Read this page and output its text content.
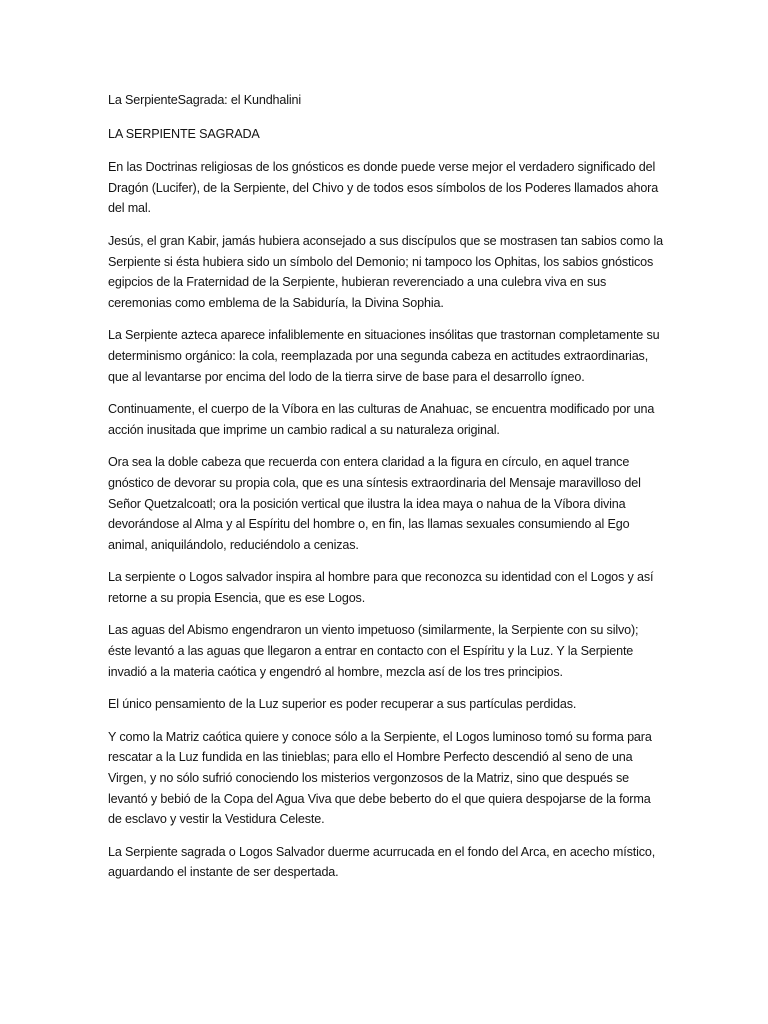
La SerpienteSagrada: el Kundhalini

LA SERPIENTE SAGRADA

En las Doctrinas religiosas de los gnósticos es donde puede verse mejor el verdadero significado del Dragón (Lucifer), de la Serpiente, del Chivo y de todos esos símbolos de los Poderes llamados ahora del mal.

Jesús, el gran Kabir, jamás hubiera aconsejado a sus discípulos que se mostrasen tan sabios como la Serpiente si ésta hubiera sido un símbolo del Demonio; ni tampoco los Ophitas, los sabios gnósticos egipcios de la Fraternidad de la Serpiente, hubieran reverenciado a una culebra viva en sus ceremonias como emblema de la Sabiduría, la Divina Sophia.

La Serpiente azteca aparece infaliblemente en situaciones insólitas que trastornan completamente su determinismo orgánico: la cola, reemplazada por una segunda cabeza en actitudes extraordinarias, que al levantarse por encima del lodo de la tierra sirve de base para el desarrollo ígneo.

Continuamente, el cuerpo de la Víbora en las culturas de Anahuac, se encuentra modificado por una acción inusitada que imprime un cambio radical a su naturaleza original.

Ora sea la doble cabeza que recuerda con entera claridad a la figura en círculo, en aquel trance gnóstico de devorar su propia cola, que es una síntesis extraordinaria del Mensaje maravilloso del Señor Quetzalcoatl; ora la posición vertical que ilustra la idea maya o nahua de la Víbora divina devorándose al Alma y al Espíritu del hombre o, en fin, las llamas sexuales consumiendo al Ego animal, aniquilándolo, reduciéndolo a cenizas.

La serpiente o Logos salvador inspira al hombre para que reconozca su identidad con el Logos y así retorne a su propia Esencia, que es ese Logos.

Las aguas del Abismo engendraron un viento impetuoso (similarmente, la Serpiente con su silvo); éste levantó a las aguas que llegaron a entrar en contacto con el Espíritu y la Luz. Y la Serpiente invadió a la materia caótica y engendró al hombre, mezcla así de los tres principios.

El único pensamiento de la Luz superior es poder recuperar a sus partículas perdidas.

Y como la Matriz caótica quiere y conoce sólo a la Serpiente, el Logos luminoso tomó su forma para rescatar a la Luz fundida en las tinieblas; para ello el Hombre Perfecto descendió al seno de una Virgen, y no sólo sufrió conociendo los misterios vergonzosos de la Matriz, sino que después se levantó y bebió de la Copa del Agua Viva que debe beberto do el que quiera despojarse de la forma de esclavo y vestir la Vestidura Celeste.

La Serpiente sagrada o Logos Salvador duerme acurrucada en el fondo del Arca, en acecho místico, aguardando el instante de ser despertada.
